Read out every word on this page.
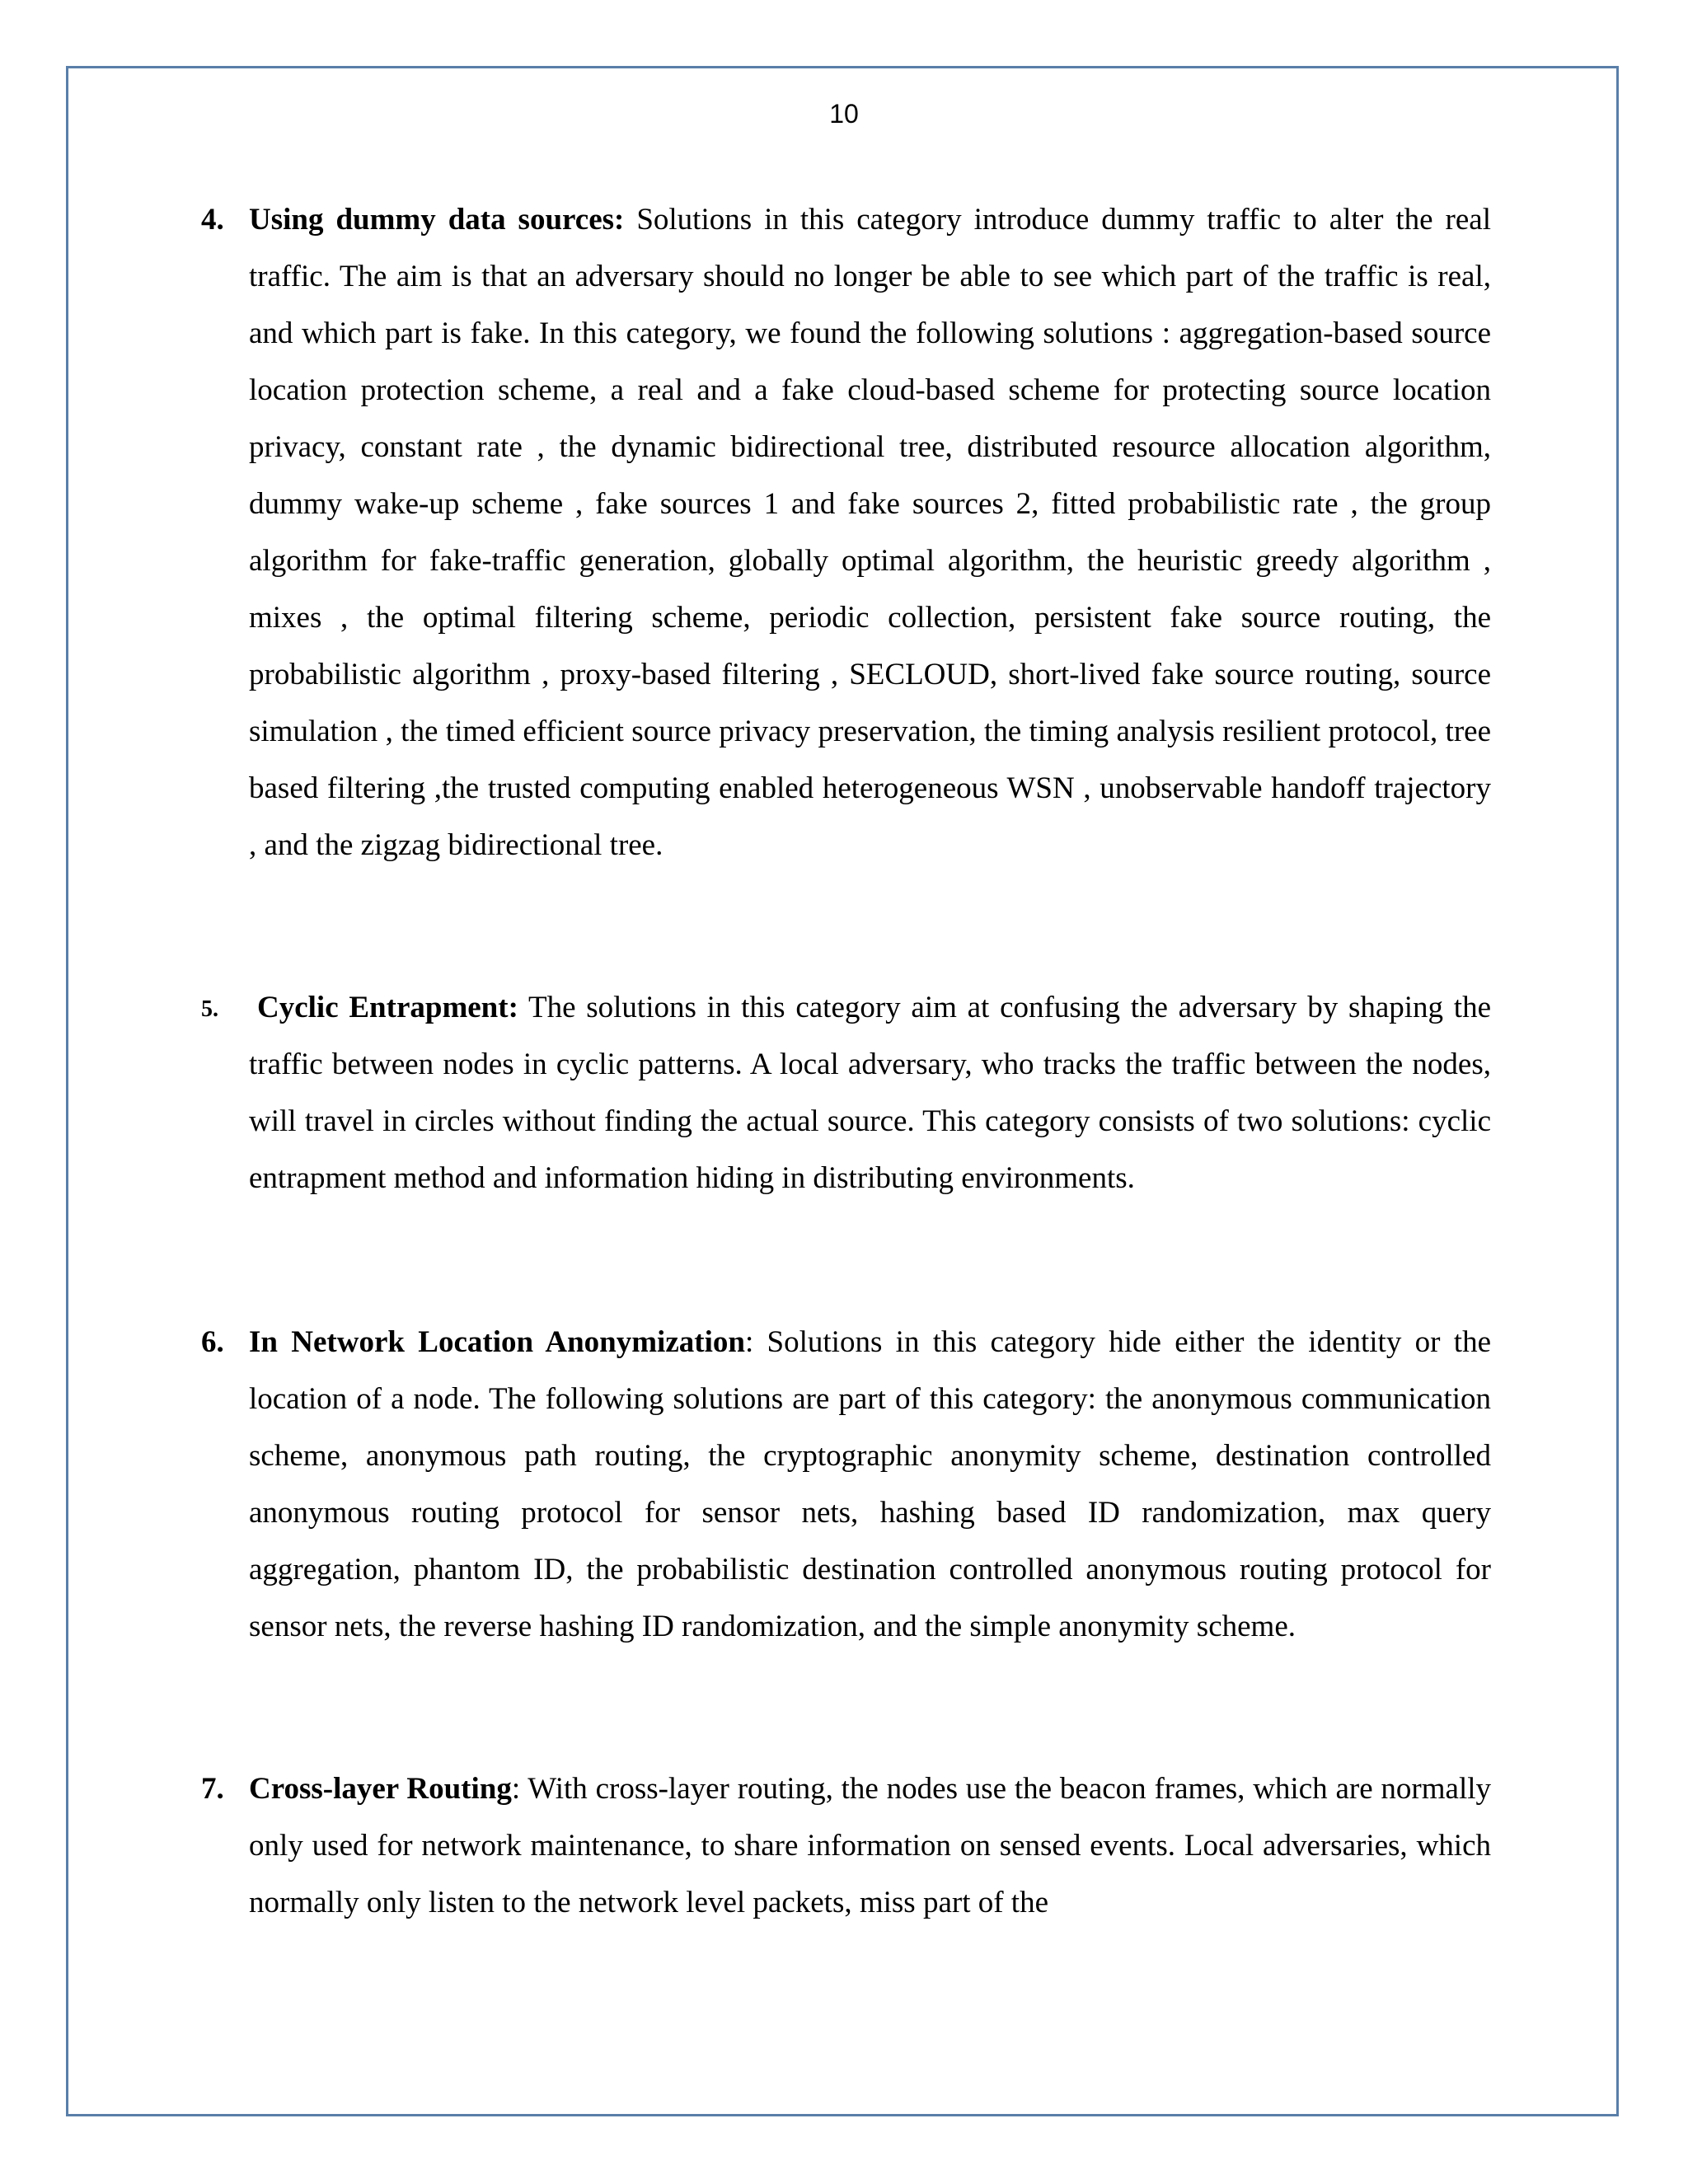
10
4. Using dummy data sources: Solutions in this category introduce dummy traffic to alter the real traffic. The aim is that an adversary should no longer be able to see which part of the traffic is real, and which part is fake. In this category, we found the following solutions : aggregation-based source location protection scheme, a real and a fake cloud-based scheme for protecting source location privacy, constant rate , the dynamic bidirectional tree, distributed resource allocation algorithm, dummy wake-up scheme , fake sources 1 and fake sources 2, fitted probabilistic rate , the group algorithm for fake-traffic generation, globally optimal algorithm, the heuristic greedy algorithm , mixes , the optimal filtering scheme, periodic collection, persistent fake source routing, the probabilistic algorithm , proxy-based filtering , SECLOUD, short-lived fake source routing, source simulation , the timed efficient source privacy preservation, the timing analysis resilient protocol, tree based filtering ,the trusted computing enabled heterogeneous WSN , unobservable handoff trajectory , and the zigzag bidirectional tree.
5. Cyclic Entrapment: The solutions in this category aim at confusing the adversary by shaping the traffic between nodes in cyclic patterns. A local adversary, who tracks the traffic between the nodes, will travel in circles without finding the actual source. This category consists of two solutions: cyclic entrapment method and information hiding in distributing environments.
6. In Network Location Anonymization: Solutions in this category hide either the identity or the location of a node. The following solutions are part of this category: the anonymous communication scheme, anonymous path routing, the cryptographic anonymity scheme, destination controlled anonymous routing protocol for sensor nets, hashing based ID randomization, max query aggregation, phantom ID, the probabilistic destination controlled anonymous routing protocol for sensor nets, the reverse hashing ID randomization, and the simple anonymity scheme.
7. Cross-layer Routing: With cross-layer routing, the nodes use the beacon frames, which are normally only used for network maintenance, to share information on sensed events. Local adversaries, which normally only listen to the network level packets, miss part of the
